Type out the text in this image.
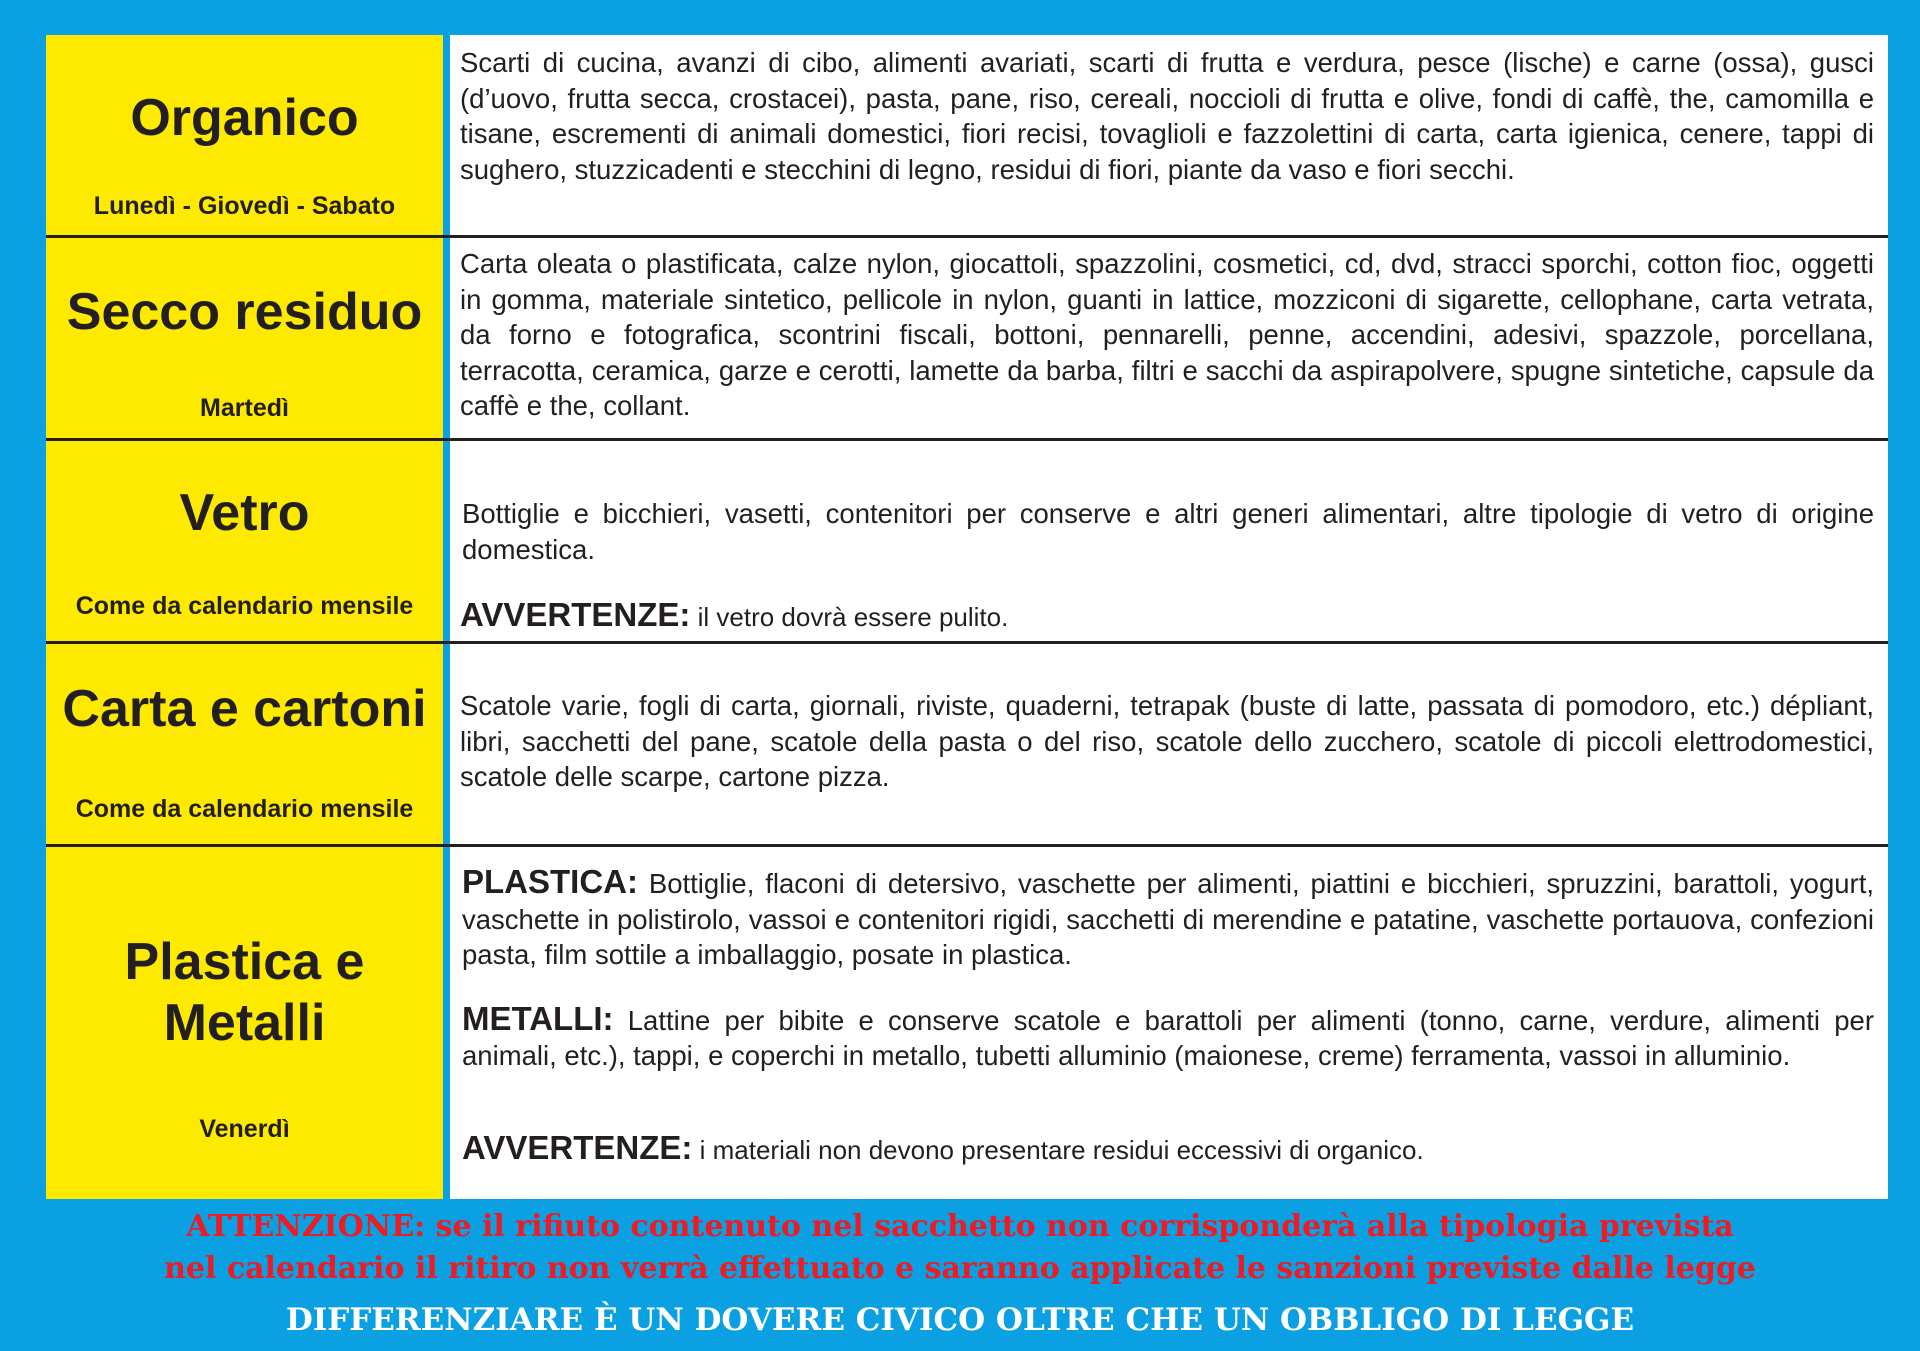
Organico
Lunedì - Giovedì - Sabato

Scarti di cucina, avanzi di cibo, alimenti avariati, scarti di frutta e verdura, pesce (lische) e carne (ossa), gusci (d’uovo, frutta secca, crostacei), pasta, pane, riso, cereali, noccioli di frutta e olive, fondi di caffè, the, camomilla e tisane, escrementi di animali domestici, fiori recisi, tovaglioli e fazzolettini di carta, carta igienica, cenere, tappi di sughero, stuzzicadenti e stecchini di legno, residui di fiori, piante da vaso e fiori secchi.

Secco residuo
Martedì

Carta oleata o plastificata, calze nylon, giocattoli, spazzolini, cosmetici, cd, dvd, stracci sporchi, cotton fioc, oggetti in gomma, materiale sintetico, pellicole in nylon, guanti in lattice, mozziconi di sigarette, cellophane, carta vetrata, da forno e fotografica, scontrini fiscali, bottoni, pennarelli, penne, accendini, adesivi, spazzole, porcellana, terracotta, ceramica, garze e cerotti, lamette da barba, filtri e sacchi da aspirapolvere, spugne sintetiche, capsule da caffè e the, collant.

Vetro
Come da calendario mensile

Bottiglie e bicchieri, vasetti, contenitori per conserve e altri generi alimentari, altre tipologie di vetro di origine domestica.

AVVERTENZE: il vetro dovrà essere pulito.

Carta e cartoni
Come da calendario mensile

Scatole varie, fogli di carta, giornali, riviste, quaderni, tetrapak (buste di latte, passata di pomodoro, etc.) dépliant, libri, sacchetti del pane, scatole della pasta o del riso, scatole dello zucchero, scatole di piccoli elettrodomestici, scatole delle scarpe, cartone pizza.

Plastica e
Metalli
Venerdì

PLASTICA: Bottiglie, flaconi di detersivo, vaschette per alimenti, piattini e bicchieri, spruzzini, barattoli, yogurt, vaschette in polistirolo, vassoi e contenitori rigidi, sacchetti di merendine e patatine, vaschette portauova, confezioni pasta, film sottile a imballaggio, posate in plastica.

METALLI: Lattine per bibite e conserve scatole e barattoli per alimenti (tonno, carne, verdure, alimenti per animali, etc.), tappi, e coperchi in metallo, tubetti alluminio (maionese, creme) ferramenta, vassoi in alluminio.

AVVERTENZE: i materiali non devono presentare residui eccessivi di organico.

ATTENZIONE: se il rifiuto contenuto nel sacchetto non corrisponderà alla tipologia prevista
nel calendario il ritiro non verrà effettuato e saranno applicate le sanzioni previste dalle legge
DIFFERENZIARE È UN DOVERE CIVICO OLTRE CHE UN OBBLIGO DI LEGGE
